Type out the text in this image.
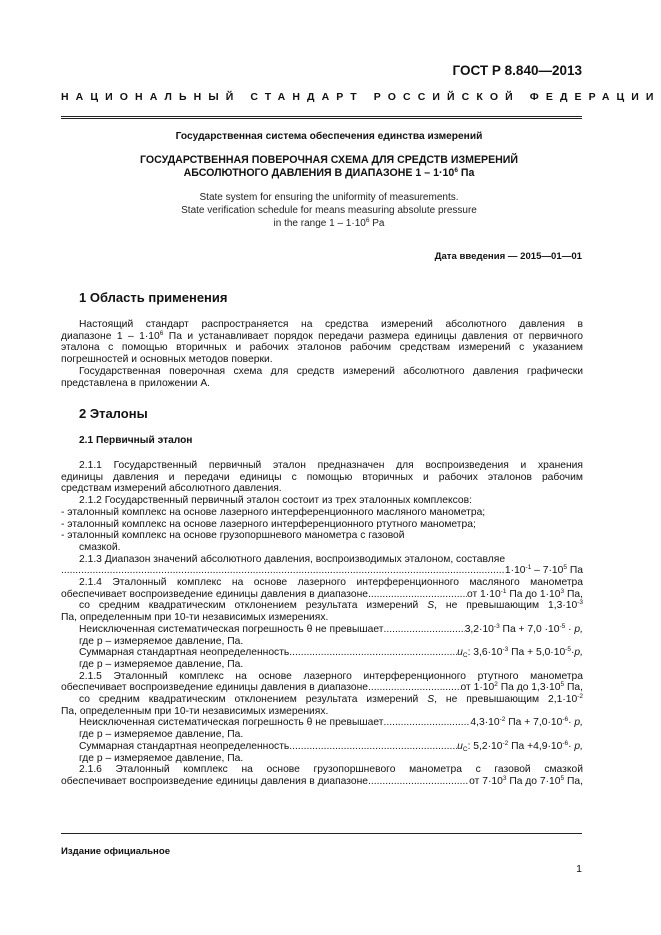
ГОСТ Р 8.840—2013
НАЦИОНАЛЬНЫЙ СТАНДАРТ РОССИЙСКОЙ ФЕДЕРАЦИИ
Государственная система обеспечения единства измерений
ГОСУДАРСТВЕННАЯ ПОВЕРОЧНАЯ СХЕМА ДЛЯ СРЕДСТВ ИЗМЕРЕНИЙ
АБСОЛЮТНОГО ДАВЛЕНИЯ В ДИАПАЗОНЕ $1 - 1\cdot 10^6$ Па
State system for ensuring the uniformity of measurements.
State verification schedule for means measuring absolute pressure
in the range $1 - 1\cdot 10^6$ Pa
Дата введения — 2015—01—01
1 Область применения

Настоящий стандарт распространяется на средства измерений абсолютного давления в

диапазоне $1 - 1\cdot 10^6$ Па и устанавливает порядок передачи размера единицы давления от первичного

эталона с помощью вторичных и рабочих эталонов рабочим средствам измерений с указанием

погрешностей и основных методов поверки.

Государственная поверочная схема для средств измерений абсолютного давления графически

представлена в приложении А.

2 Эталоны
2.1 Первичный эталон

2.1.1 Государственный первичный эталон предназначен для воспроизведения и хранения

единицы давления и передачи единицы с помощью вторичных и рабочих эталонов рабочим

средствам измерений абсолютного давления.

2.1.2 Государственный первичный эталон состоит из трех эталонных комплексов:

- эталонный комплекс на основе лазерного интерференционного масляного манометра;

- эталонный комплекс на основе лазерного интерференционного ртутного манометра;

- эталонный комплекс на основе грузопоршневого манометра с газовой

смазкой.

2.1.3 Диапазон значений абсолютного давления, воспроизводимых эталоном, составляе

.....
$1\cdot 10^{-1} - 7\cdot 10^5$ Па

2.1.4 Эталонный комплекс на основе лазерного интерференционного масляного манометра

обеспечивает воспроизведение единицы давления в диапазоне .....	от $1\cdot 10^{-1}$ Па до $1\cdot 10^3$ Па,

со средним квадратическим отклонением результата измерений S, не превышающим $1,3\cdot 10^{-3}$

Па, определенным при 10-ти независимых измерениях.

Неисключенная систематическая погрешность θ не превышает .....	$3,2\cdot 10^{-3}$ Па + $7,0 \cdot 10^{-5} \cdot p$,

где p – измеряемое давление, Па.

Суммарная стандартная неопределенность .....	$u_C$: $3,6\cdot 10^{-3}$ Па + $5,0\cdot 10^{-5}\cdot p$,

где p – измеряемое давление, Па.

2.1.5 Эталонный комплекс на основе лазерного интерференционного ртутного манометра

обеспечивает воспроизведение единицы давления в диапазоне .....	от $1\cdot 10^2$ Па до $1,3\cdot 10^5$ Па,

со средним квадратическим отклонением результата измерений S, не превышающим $2,1\cdot 10^{-2}$

Па, определенным при 10-ти независимых измерениях.

Неисключенная систематическая погрешность θ не превышает .....	$4,3\cdot 10^{-2}$ Па + $7,0\cdot 10^{-6}\cdot p$,

где p – измеряемое давление, Па.

Суммарная стандартная неопределенность .....	$u_C$: $5,2\cdot 10^{-2}$ Па $+4,9\cdot 10^{-6}\cdot p$,

где p – измеряемое давление, Па.

2.1.6 Эталонный комплекс на основе грузопоршневого манометра с газовой смазкой

обеспечивает воспроизведение единицы давления в диапазоне .....	от $7\cdot 10^3$ Па до $7\cdot 10^5$ Па,

Издание официальное
1
